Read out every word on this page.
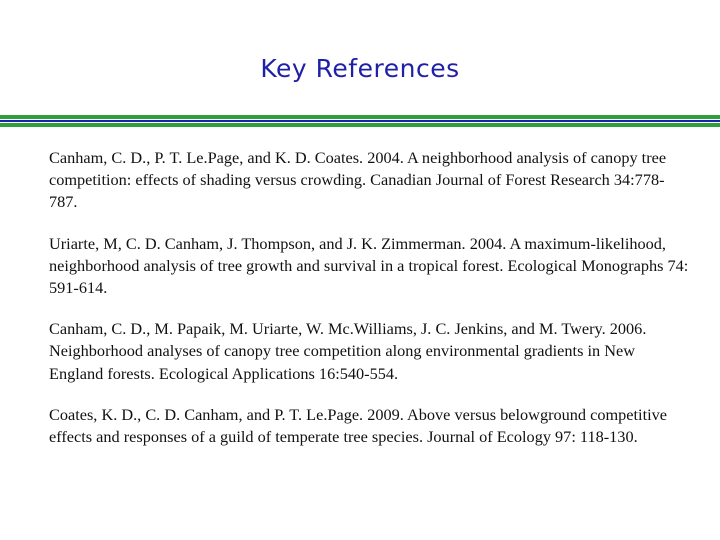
Key References

Canham, C. D., P. T. Le.Page, and K. D. Coates. 2004. A neighborhood analysis of canopy tree competition: effects of shading versus crowding. Canadian Journal of Forest Research 34:778-787.

Uriarte, M, C. D. Canham, J. Thompson, and J. K. Zimmerman. 2004. A maximum-likelihood, neighborhood analysis of tree growth and survival in a tropical forest. Ecological Monographs 74: 591-614.

Canham, C. D., M. Papaik, M. Uriarte, W. Mc.Williams, J. C. Jenkins, and M. Twery. 2006. Neighborhood analyses of canopy tree competition along environmental gradients in New England forests. Ecological Applications 16:540-554.

Coates, K. D., C. D. Canham, and P. T. Le.Page. 2009. Above versus belowground competitive effects and responses of a guild of temperate tree species. Journal of Ecology 97: 118-130.
